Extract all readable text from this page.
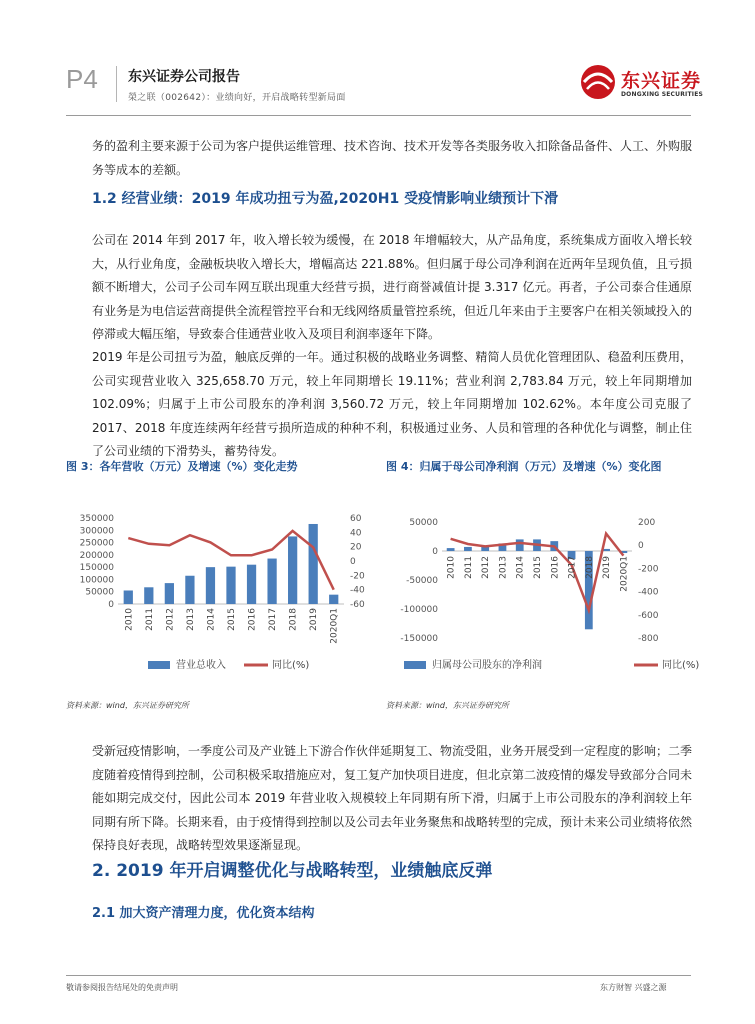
P4 东兴证券公司报告
榮之联（002642）：业绩向好，开启战略转型新局面
东兴证券
DONGXING SECURITIES
务的盈利主要来源于公司为客户提供运维管理、技术咨询、技术开发等各类服务收入扣除备品备件、人工、外购服务等成本的差额。
1.2 经营业绩：2019 年成功扭亏为盈,2020H1 受疫情影响业绩预计下滑
公司在 2014 年到 2017 年，收入增长较为缓慢，在 2018 年增幅较大，从产品角度，系统集成方面收入增长较大，从行业角度，金融板块收入增长大，增幅高达 221.88%。但归属于母公司净利润在近两年呈现负值，且亏损额不断增大，公司子公司车网互联出现重大经营亏损，进行商誉减值计提 3.317 亿元。再者，子公司泰合佳通原有业务是为电信运营商提供全流程管控平台和无线网络质量管控系统，但近几年来由于主要客户在相关领域投入的停滞或大幅压缩，导致泰合佳通营业收入及项目利润率逐年下降。
2019 年是公司扭亏为盈，触底反弹的一年。通过积极的战略业务调整、精简人员优化管理团队、稳盈利压费用，公司实现营业收入 325,658.70 万元，较上年同期增长 19.11%；营业利润 2,783.84 万元，较上年同期增加 102.09%；归属于上市公司股东的净利润 3,560.72 万元，较上年同期增加 102.62%。本年度公司克服了 2017、2018 年度连续两年经营亏损所造成的种种不利，积极通过业务、人员和管理的各种优化与调整，制止住了公司业绩的下滑势头，蓄势待发。
图 3：各年营收（万元）及增速（%）变化走势	图 4：归属于母公司净利润（万元）及增速（%）变化图
350000
300000
250000
200000
150000
100000
50000
0
60
40
20
0
-20
-40
-60
2010 2011 2012 2013 2014 2015 2016 2017 2018 2019 2020Q1
营业总收入	同比(%)
50000
0
-50000
-100000
-150000
200
0
-200
-400
-600
-800
2010 2011 2012 2013 2014 2015 2016 2017 2018 2019 2020Q1
归属母公司股东的净利润	同比(%)
资料来源：wind，东兴证券研究所	资料来源：wind，东兴证券研究所
受新冠疫情影响，一季度公司及产业链上下游合作伙伴延期复工、物流受阻，业务开展受到一定程度的影响；二季度随着疫情得到控制，公司积极采取措施应对，复工复产加快项目进度，但北京第二波疫情的爆发导致部分合同未能如期完成交付，因此公司本 2019 年营业收入规模较上年同期有所下滑，归属于上市公司股东的净利润较上年同期有所下降。长期来看，由于疫情得到控制以及公司去年业务聚焦和战略转型的完成，预计未来公司业绩将依然保持良好表现，战略转型效果逐渐显现。
2. 2019 年开启调整优化与战略转型，业绩触底反弹
2.1 加大资产清理力度，优化资本结构
敬请参阅报告结尾处的免责声明	东方财智 兴盛之源
